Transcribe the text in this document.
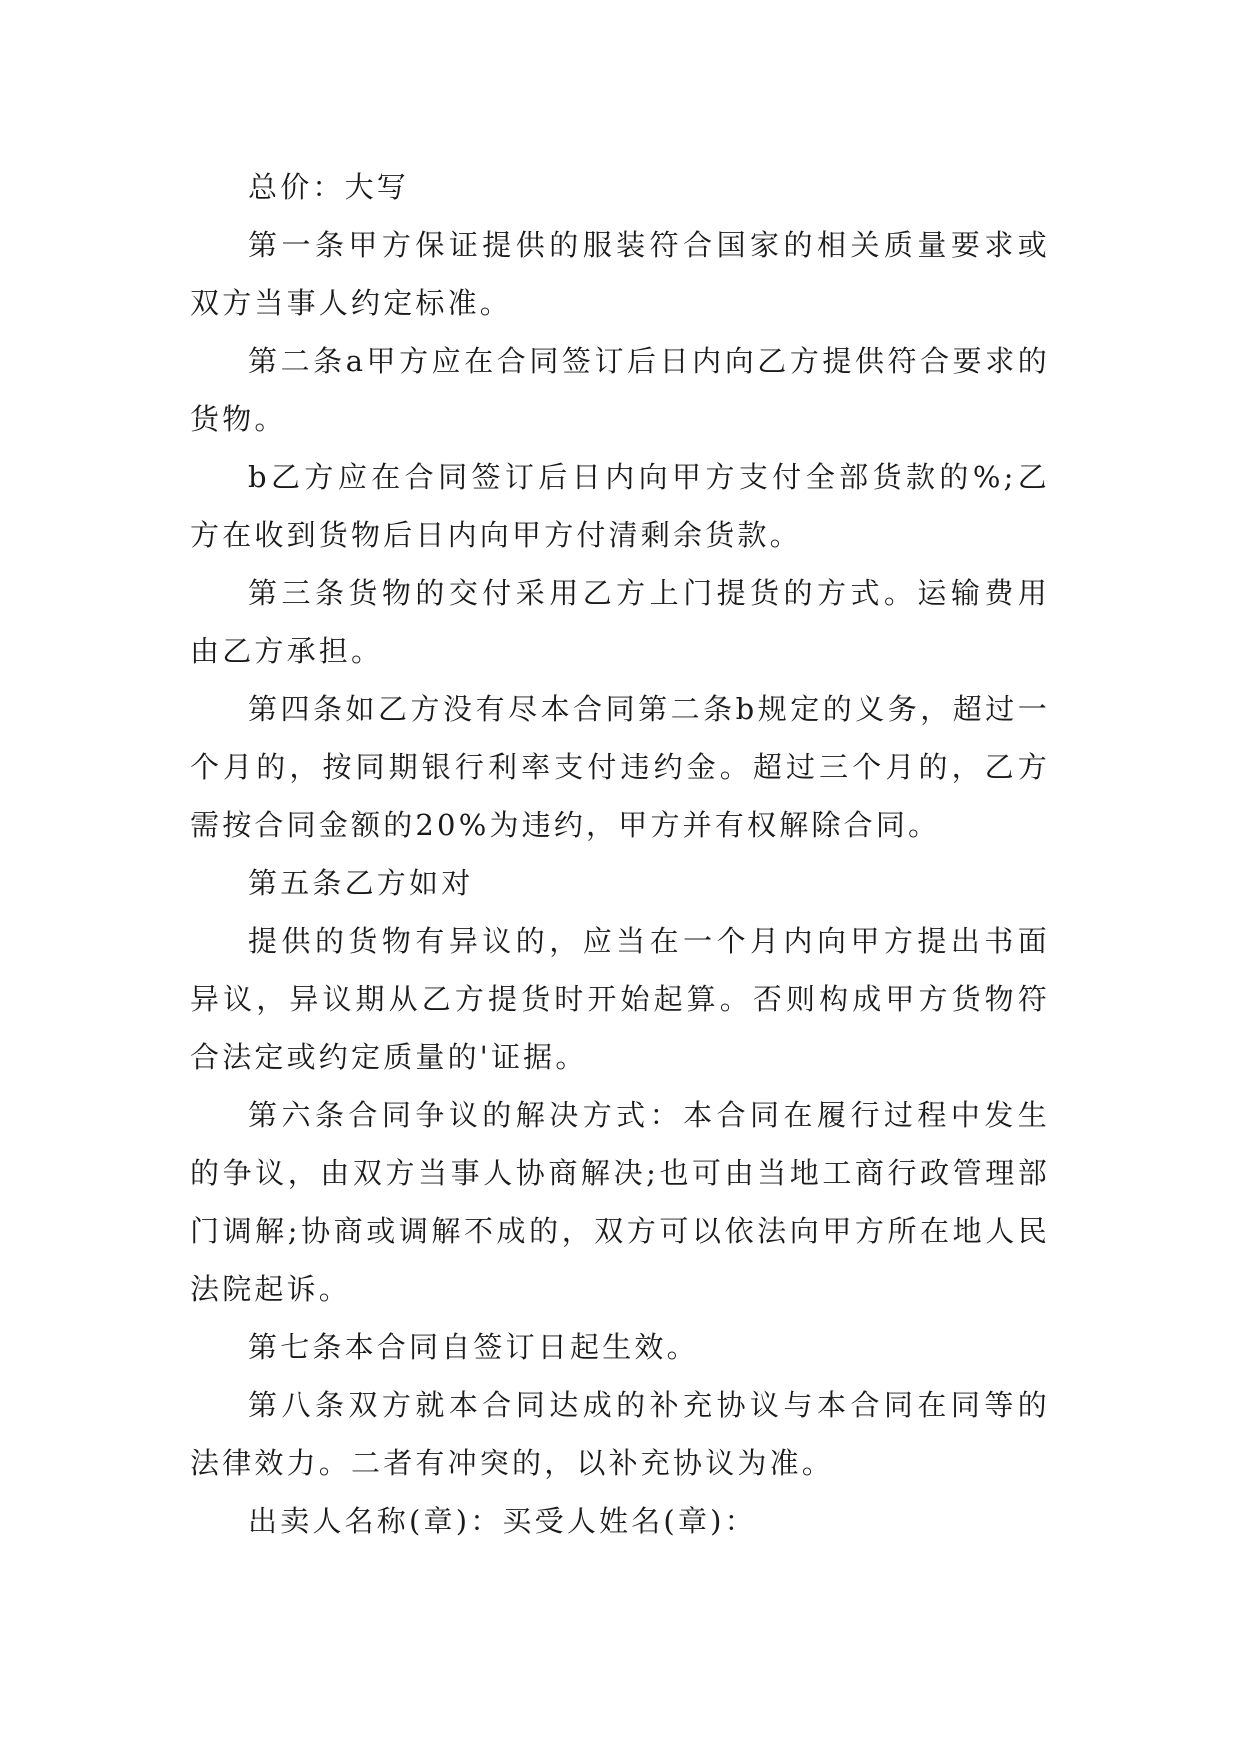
总价：大写

第一条甲方保证提供的服装符合国家的相关质量要求或双方当事人约定标准。

第二条a甲方应在合同签订后日内向乙方提供符合要求的货物。

b乙方应在合同签订后日内向甲方支付全部货款的%;乙方在收到货物后日内向甲方付清剩余货款。

第三条货物的交付采用乙方上门提货的方式。运输费用由乙方承担。

第四条如乙方没有尽本合同第二条b规定的义务，超过一个月的，按同期银行利率支付违约金。超过三个月的，乙方需按合同金额的20%为违约，甲方并有权解除合同。

第五条乙方如对

提供的货物有异议的，应当在一个月内向甲方提出书面异议，异议期从乙方提货时开始起算。否则构成甲方货物符合法定或约定质量的'证据。

第六条合同争议的解决方式：本合同在履行过程中发生的争议，由双方当事人协商解决;也可由当地工商行政管理部门调解;协商或调解不成的，双方可以依法向甲方所在地人民法院起诉。

第七条本合同自签订日起生效。

第八条双方就本合同达成的补充协议与本合同在同等的法律效力。二者有冲突的，以补充协议为准。

出卖人名称(章)：买受人姓名(章)：
